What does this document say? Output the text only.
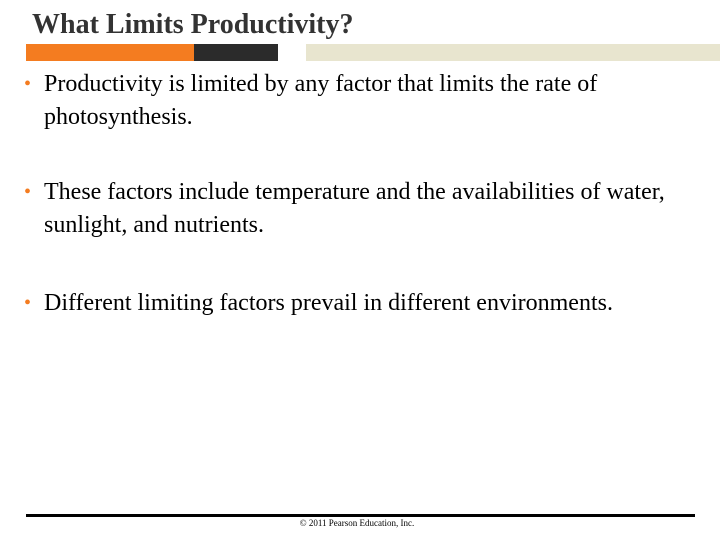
What Limits Productivity?
• Productivity is limited by any factor that limits the rate of photosynthesis.
• These factors include temperature and the availabilities of water, sunlight, and nutrients.
• Different limiting factors prevail in different environments.
© 2011 Pearson Education, Inc.
